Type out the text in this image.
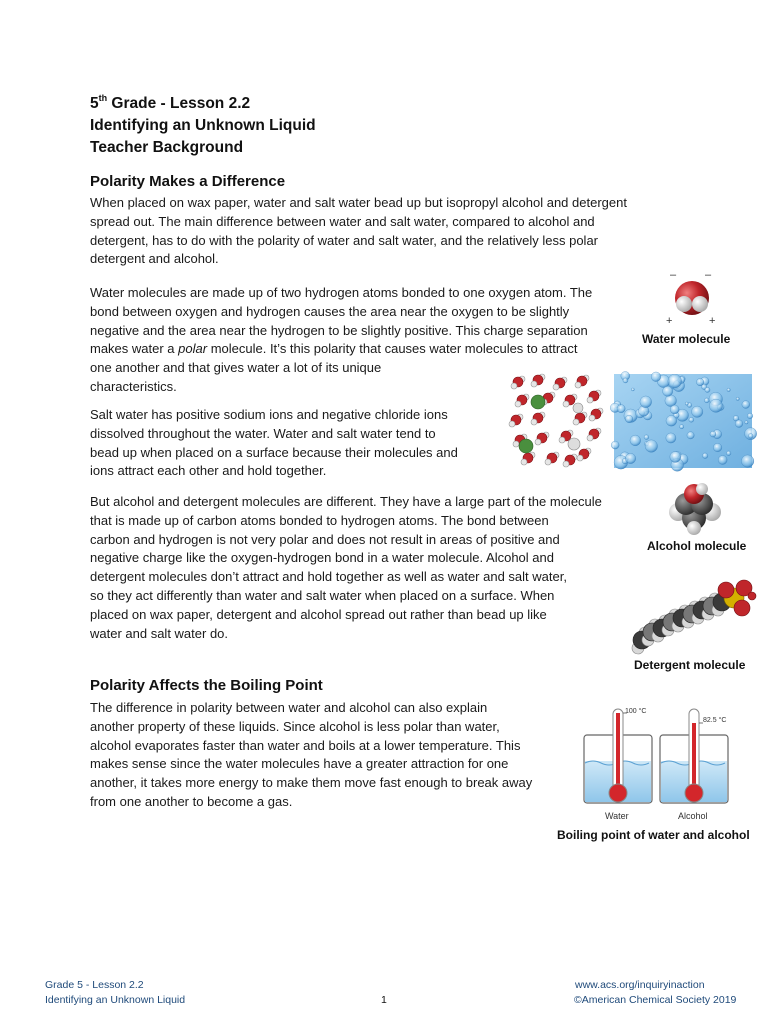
5th Grade - Lesson 2.2
Identifying an Unknown Liquid
Teacher Background
Polarity Makes a Difference

When placed on wax paper, water and salt water bead up but isopropyl alcohol and detergent
spread out. The main difference between water and salt water, compared to alcohol and
detergent, has to do with the polarity of water and salt water, and the relatively less polar
detergent and alcohol.

Water molecules are made up of two hydrogen atoms bonded to one oxygen atom. The
bond between oxygen and hydrogen causes the area near the oxygen to be slightly
negative and the area near the hydrogen to be slightly positive. This charge separation
makes water a polar molecule. It’s this polarity that causes water molecules to attract
one another and that gives water a lot of its unique
characteristics.

Salt water has positive sodium ions and negative chloride ions
dissolved throughout the water. Water and salt water tend to
bead up when placed on a surface because their molecules and
ions attract each other and hold together.

But alcohol and detergent molecules are different. They have a large part of the molecule
that is made up of carbon atoms bonded to hydrogen atoms. The bond between
carbon and hydrogen is not very polar and does not result in areas of positive and
negative charge like the oxygen-hydrogen bond in a water molecule. Alcohol and
detergent molecules don’t attract and hold together as well as water and salt water,
so they act differently than water and salt water when placed on a surface. When
placed on wax paper, detergent and alcohol spread out rather than bead up like
water and salt water do.

Polarity Affects the Boiling Point

The difference in polarity between water and alcohol can also explain
another property of these liquids. Since alcohol is less polar than water,
alcohol evaporates faster than water and boils at a lower temperature. This
makes sense since the water molecules have a greater attraction for one
another, it takes more energy to make them move fast enough to break away
from one another to become a gas.

–	–
+	+
Water molecule
Alcohol molecule
Detergent molecule
100 °C
82.5 °C
Water	Alcohol
Boiling point of water and alcohol
Grade 5 - Lesson 2.2
Identifying an Unknown Liquid	1
www.acs.org/inquiryinaction
©American Chemical Society 2019
